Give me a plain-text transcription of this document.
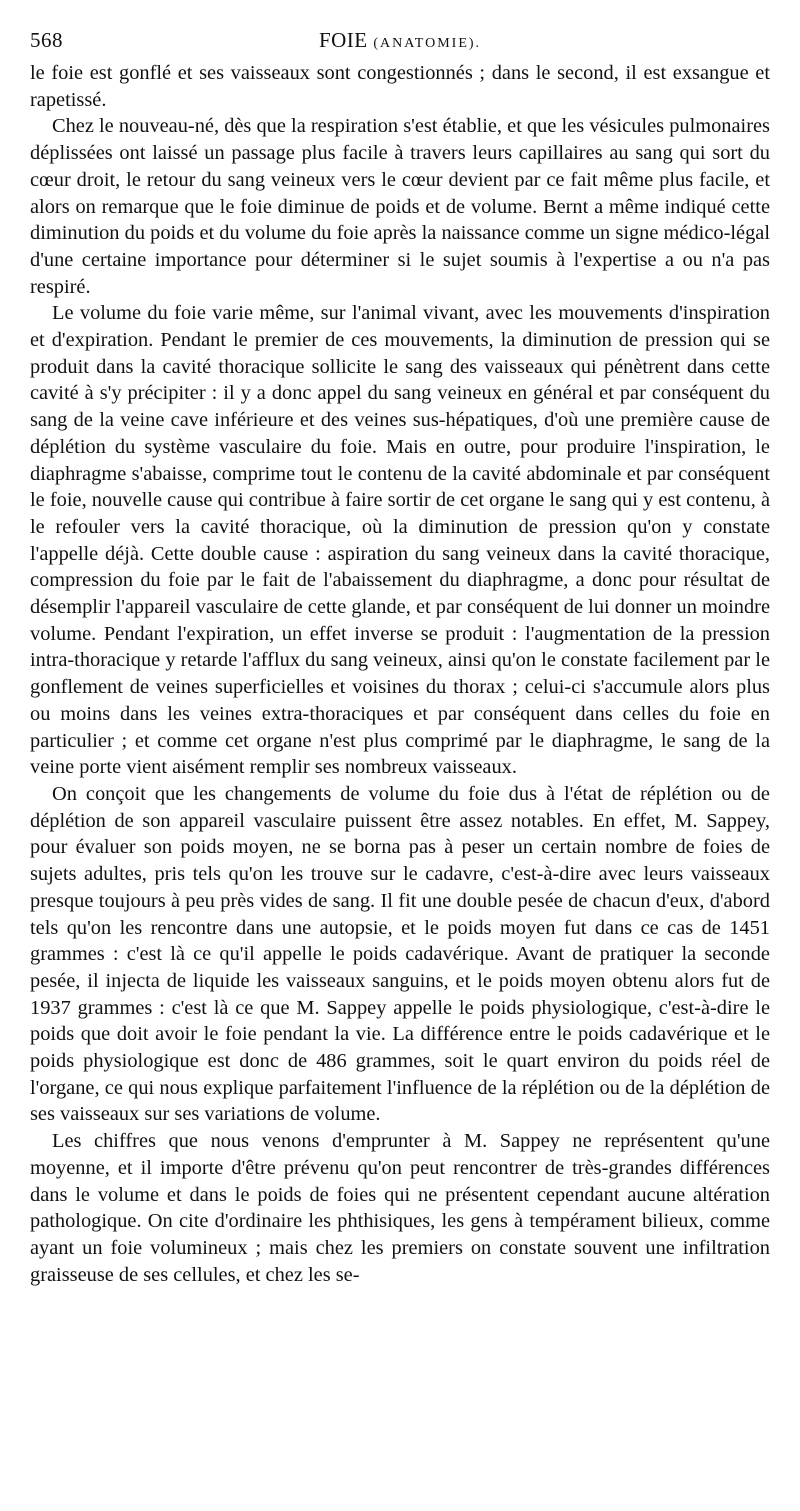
568	FOIE (ANATOMIE).

le foie est gonflé et ses vaisseaux sont congestionnés ; dans le second, il est exsangue et rapetissé.

Chez le nouveau-né, dès que la respiration s'est établie, et que les vésicules pulmonaires déplissées ont laissé un passage plus facile à travers leurs capillaires au sang qui sort du cœur droit, le retour du sang veineux vers le cœur devient par ce fait même plus facile, et alors on remarque que le foie diminue de poids et de volume. Bernt a même indiqué cette diminution du poids et du volume du foie après la naissance comme un signe médico-légal d'une certaine importance pour déterminer si le sujet soumis à l'expertise a ou n'a pas respiré.

Le volume du foie varie même, sur l'animal vivant, avec les mouvements d'inspiration et d'expiration. Pendant le premier de ces mouvements, la diminution de pression qui se produit dans la cavité thoracique sollicite le sang des vaisseaux qui pénètrent dans cette cavité à s'y précipiter : il y a donc appel du sang veineux en général et par conséquent du sang de la veine cave inférieure et des veines sus-hépatiques, d'où une première cause de déplétion du système vasculaire du foie. Mais en outre, pour produire l'inspiration, le diaphragme s'abaisse, comprime tout le contenu de la cavité abdominale et par conséquent le foie, nouvelle cause qui contribue à faire sortir de cet organe le sang qui y est contenu, à le refouler vers la cavité thoracique, où la diminution de pression qu'on y constate l'appelle déjà. Cette double cause : aspiration du sang veineux dans la cavité thoracique, compression du foie par le fait de l'abaissement du diaphragme, a donc pour résultat de désemplir l'appareil vasculaire de cette glande, et par conséquent de lui donner un moindre volume. Pendant l'expiration, un effet inverse se produit : l'augmentation de la pression intra-thoracique y retarde l'afflux du sang veineux, ainsi qu'on le constate facilement par le gonflement de veines superficielles et voisines du thorax ; celui-ci s'accumule alors plus ou moins dans les veines extra-thoraciques et par conséquent dans celles du foie en particulier ; et comme cet organe n'est plus comprimé par le diaphragme, le sang de la veine porte vient aisément remplir ses nombreux vaisseaux.

On conçoit que les changements de volume du foie dus à l'état de réplétion ou de déplétion de son appareil vasculaire puissent être assez notables. En effet, M. Sappey, pour évaluer son poids moyen, ne se borna pas à peser un certain nombre de foies de sujets adultes, pris tels qu'on les trouve sur le cadavre, c'est-à-dire avec leurs vaisseaux presque toujours à peu près vides de sang. Il fit une double pesée de chacun d'eux, d'abord tels qu'on les rencontre dans une autopsie, et le poids moyen fut dans ce cas de 1451 grammes : c'est là ce qu'il appelle le poids cadavérique. Avant de pratiquer la seconde pesée, il injecta de liquide les vaisseaux sanguins, et le poids moyen obtenu alors fut de 1937 grammes : c'est là ce que M. Sappey appelle le poids physiologique, c'est-à-dire le poids que doit avoir le foie pendant la vie. La différence entre le poids cadavérique et le poids physiologique est donc de 486 grammes, soit le quart environ du poids réel de l'organe, ce qui nous explique parfaitement l'influence de la réplétion ou de la déplétion de ses vaisseaux sur ses variations de volume.

Les chiffres que nous venons d'emprunter à M. Sappey ne représentent qu'une moyenne, et il importe d'être prévenu qu'on peut rencontrer de très-grandes différences dans le volume et dans le poids de foies qui ne présentent cependant aucune altération pathologique. On cite d'ordinaire les phthisiques, les gens à tempérament bilieux, comme ayant un foie volumineux ; mais chez les premiers on constate souvent une infiltration graisseuse de ses cellules, et chez les se-
